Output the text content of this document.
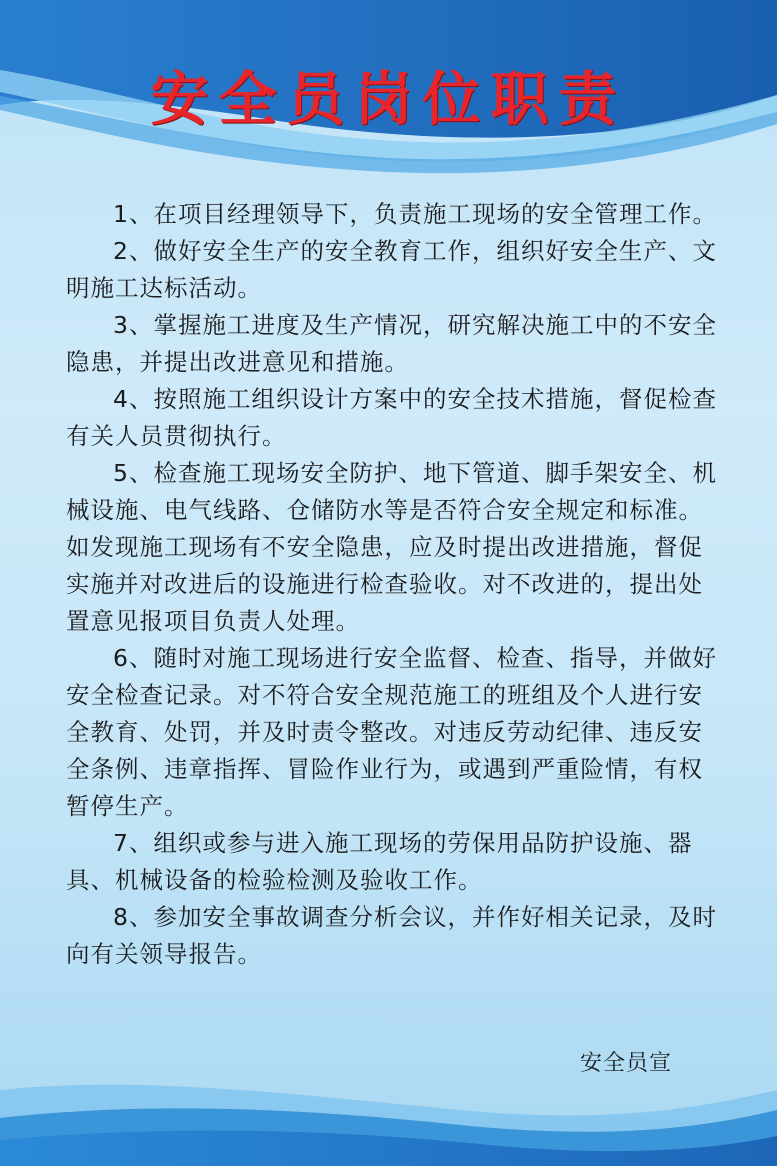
安全员岗位职责

1、在项目经理领导下，负责施工现场的安全管理工作。

2、做好安全生产的安全教育工作，组织好安全生产、文明施工达标活动。

3、掌握施工进度及生产情况，研究解决施工中的不安全隐患，并提出改进意见和措施。

4、按照施工组织设计方案中的安全技术措施，督促检查有关人员贯彻执行。

5、检查施工现场安全防护、地下管道、脚手架安全、机械设施、电气线路、仓储防水等是否符合安全规定和标准。如发现施工现场有不安全隐患，应及时提出改进措施，督促实施并对改进后的设施进行检查验收。对不改进的，提出处置意见报项目负责人处理。

6、随时对施工现场进行安全监督、检查、指导，并做好安全检查记录。对不符合安全规范施工的班组及个人进行安全教育、处罚，并及时责令整改。对违反劳动纪律、违反安全条例、违章指挥、冒险作业行为，或遇到严重险情，有权暂停生产。

7、组织或参与进入施工现场的劳保用品防护设施、器具、机械设备的检验检测及验收工作。

8、参加安全事故调查分析会议，并作好相关记录，及时向有关领导报告。

安全员宣
